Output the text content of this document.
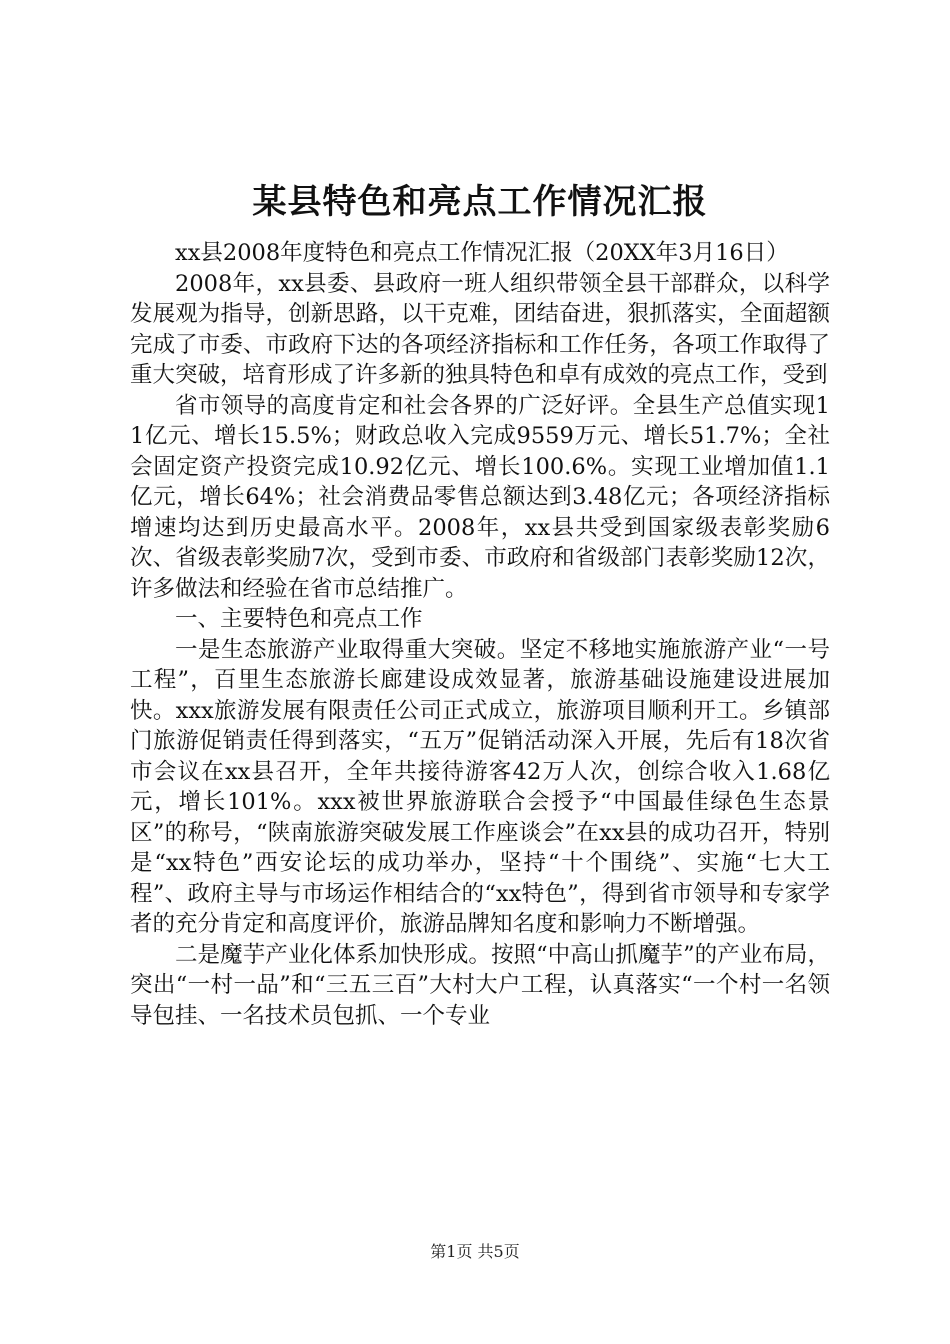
某县特色和亮点工作情况汇报

xx县2008年度特色和亮点工作情况汇报（20XX年3月16日）

2008年，xx县委、县政府一班人组织带领全县干部群众，以科学发展观为指导，创新思路，以干克难，团结奋进，狠抓落实，全面超额完成了市委、市政府下达的各项经济指标和工作任务，各项工作取得了重大突破，培育形成了许多新的独具特色和卓有成效的亮点工作，受到

省市领导的高度肯定和社会各界的广泛好评。全县生产总值实现11亿元、增长15.5%；财政总收入完成9559万元、增长51.7%；全社会固定资产投资完成10.92亿元、增长100.6%。实现工业增加值1.1亿元，增长64%；社会消费品零售总额达到3.48亿元；各项经济指标增速均达到历史最高水平。2008年，xx县共受到国家级表彰奖励6次、省级表彰奖励7次，受到市委、市政府和省级部门表彰奖励12次，许多做法和经验在省市总结推广。

一、主要特色和亮点工作

一是生态旅游产业取得重大突破。坚定不移地实施旅游产业“一号工程”，百里生态旅游长廊建设成效显著，旅游基础设施建设进展加快。xxx旅游发展有限责任公司正式成立，旅游项目顺利开工。乡镇部门旅游促销责任得到落实，“五万”促销活动深入开展，先后有18次省市会议在xx县召开，全年共接待游客42万人次，创综合收入1.68亿元，增长101%。xxx被世界旅游联合会授予“中国最佳绿色生态景区”的称号，“陕南旅游突破发展工作座谈会”在xx县的成功召开，特别是“xx特色”西安论坛的成功举办，坚持“十个围绕”、实施“七大工程”、政府主导与市场运作相结合的“xx特色”，得到省市领导和专家学者的充分肯定和高度评价，旅游品牌知名度和影响力不断增强。

二是魔芋产业化体系加快形成。按照“中高山抓魔芋”的产业布局，突出“一村一品”和“三五三百”大村大户工程，认真落实“一个村一名领导包挂、一名技术员包抓、一个专业

第1页 共5页
